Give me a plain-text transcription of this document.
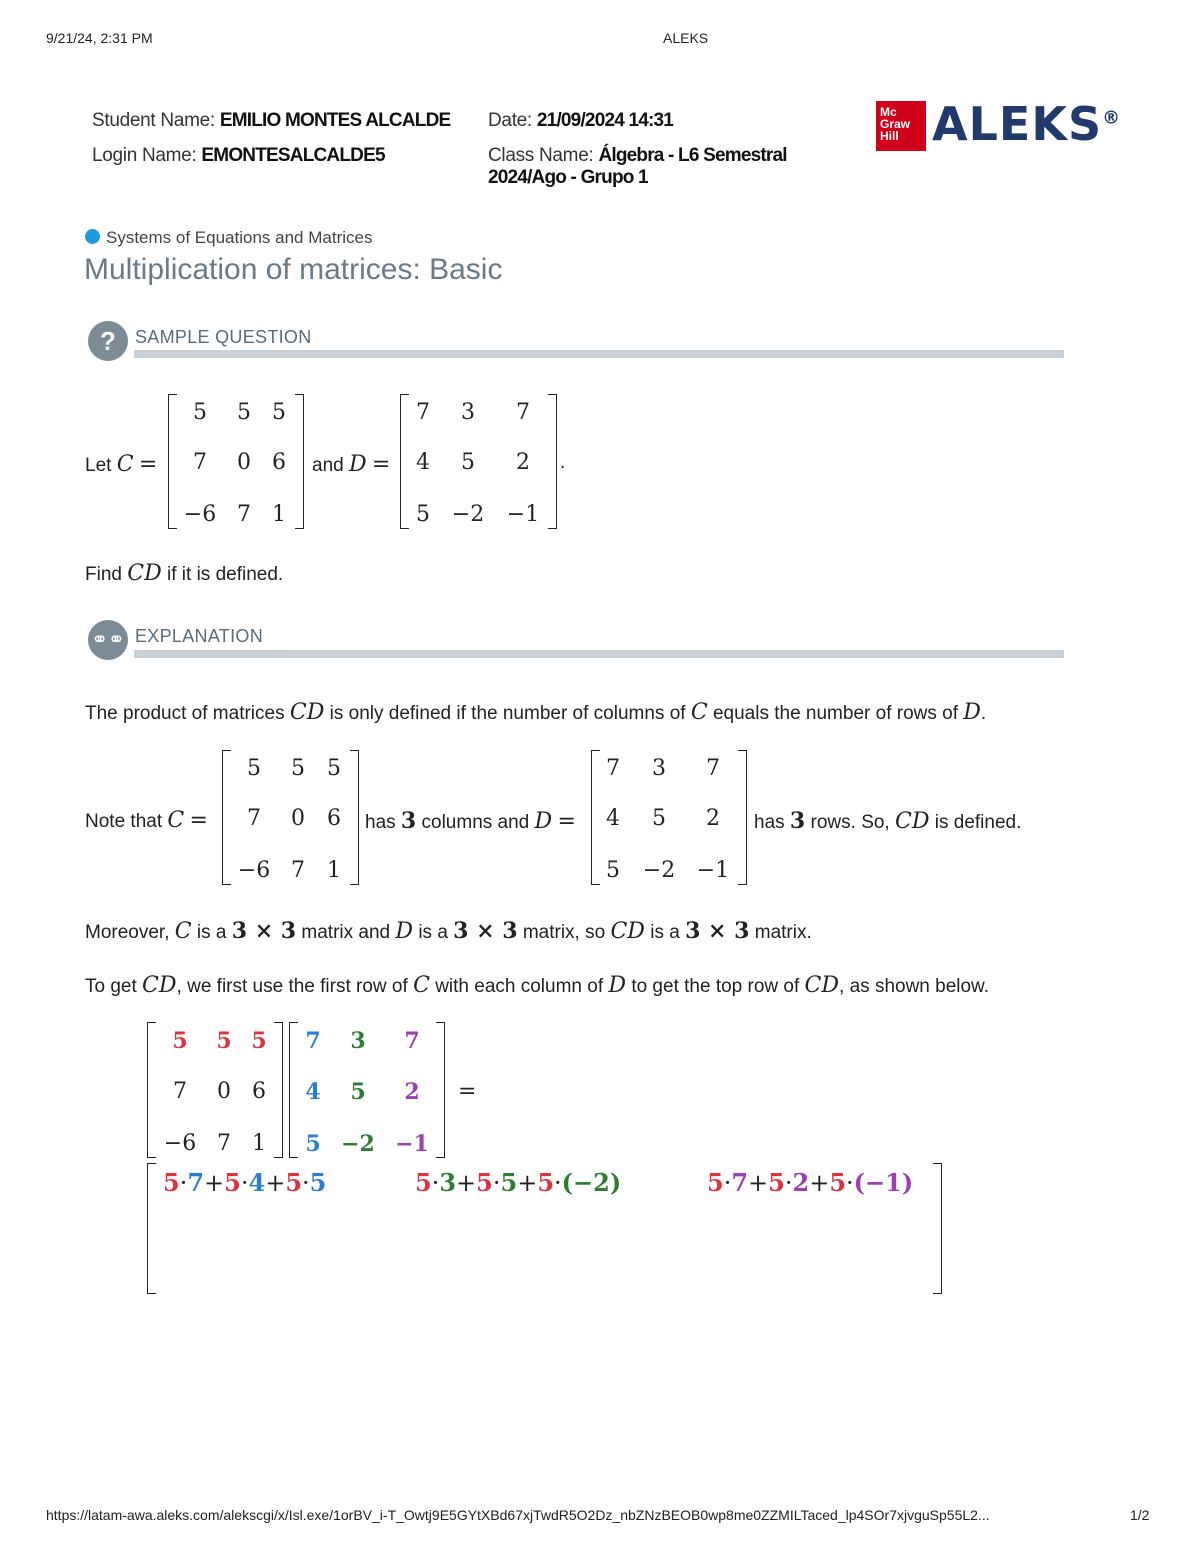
9/21/24, 2:31 PM	ALEKS
Student Name: EMILIO MONTES ALCALDE
Login Name: EMONTESALCALDE5
Date: 21/09/2024 14:31
Class Name: Álgebra - L6 Semestral
2024/Ago - Grupo 1
Mc
Graw
Hill ALEKS®
Systems of Equations and Matrices
Multiplication of matrices: Basic
?	SAMPLE QUESTION
Let C =
5	5 5
7	0 6
−6 7 1
and D =
7	3	7
4	5	2
5 −2 −1
.
Find CD if it is defined.
⚭⚭ EXPLANATION
The product of matrices CD is only defined if the number of columns of C equals the number of rows of D.
Note that C =
5	5	5
7	0	6
−6 7	1
has 3 columns and D =
7	3	7
4	5	2
5	−2 −1
has 3 rows. So, CD is defined.
Moreover, C is a 3 × 3 matrix and D is a 3 × 3 matrix, so CD is a 3 × 3 matrix.
To get CD, we first use the first row of C with each column of D to get the top row of CD, as shown below.
5	5 5
7	0 6
−6 7 1
7	3	7
4	5	2
5 −2 −1
=
5·7+5·4+5·5	5·3+5·5+5·(−2)	5·7+5·2+5·(−1)
https://latam-awa.aleks.com/alekscgi/x/Isl.exe/1orBV_i-T_Owtj9E5GYtXBd67xjTwdR5O2Dz_nbZNzBEOB0wp8me0ZZMILTaced_lp4SOr7xjvguSp55L2...	1/2
